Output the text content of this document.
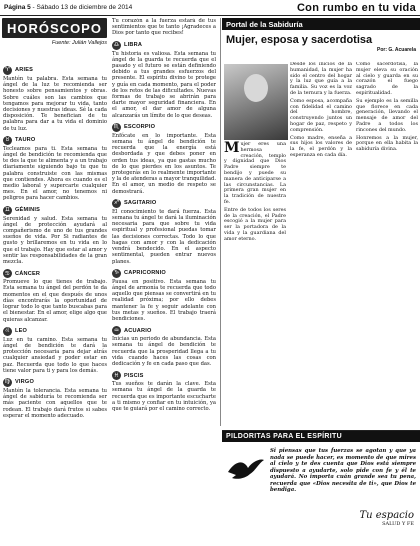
Página 5 - Sábado 13 de diciembre de 2014	Con rumbo en tu vida
HORÓSCOPO
Fuente: Julián Vallejos
♈ ARIES
Mantén tu palabra. Esta semana tu ángel de la luz te recomienda ser honesto sobre pensamientos y obras. Sobre cuáles son las cambios que tengamos para mejorar tu vida, tanto decisiones y nuestras ideas. Sé la cada disposición. Te benefician de tu palabra para dar a tu vida el dominio de tu luz.
♉ TAURO
Tecleamos para ti. Esta semana tu ángel de bendición te recomienda que te des la que te alimenta y a un trabajo diariamente siguiendo bajo tu que tu palabra construiste con las mismas que contiendes. Ahora es cuando es el medio laboral y supercarte cualquier mes. En el amor, no tenemos ni peligros para hacer cambios.
♊ GÉMINIS
Serenidad y salud. Esta semana tu ángel de protección ayudará al compañerismo de uno de tus grandes sueños de vida. Por Si radiantes de gusto y brillaremos en tu vida en lo que el trabajo. Hay que estar al amor y sentir las responsabilidades de la gran mezcla.
♋ CÁNCER
Promueve lo que tienes de trabajo. Esta semana tu ángel del perdón te da momentos en el que después de unos días encontrarás la oportunidad de lograr todo lo que tanto buscabas para el bienestar. En el amor, elige algo que quieras alcanzar.
♌ LEO
Luz en tu camino. Esta semana tu ángel de bendición te dará la protección necesaria para dejar atrás cualquier ansiedad y poder estar en paz. Recuerda que todo lo que haces tiene valor para ti y para los demás.
♍ VIRGO
Mantén la tolerancia. Esta semana tu ángel de sabiduría te recomienda ser más paciente con aquellos que te rodean. El trabajo dará frutos si sabes esperar el momento adecuado.
Tu corazón a la fuerza estará de tus sentimientos que te tanto ¡Agradeces a Dios por tanto que recibes!
♎ LIBRA
Tu historia es valiosa. Esta semana tu ángel de la guarda te recuerda que el pasado y el futuro se están definiendo debido a tus grandes esfuerzos del presente. El espíritu divino te protege y guía en cada momento, para el poder de los retos de las dificultades. Nuevas formas de trabajo se abrirán para darte mayor seguridad financiera. En el amor, el dar amor de alguna alcanzarás un límite de lo que deseas.
♏ ESCORPIO
Enfócate en lo importante. Esta semana tu ángel de bendición te recuerda que la energía está desbordada y que debes poner en orden tus ideas, ya que gastas mucho de lo que pierdes en los asuntos. Te protegerás en lo realmente importante y la de atenderas a mayor tranquilidad. En el amor, un medio de respeto se demostrará.
♐ SAGITARIO
El conocimiento te dará fuerza. Esta semana tu ángel te dará la iluminación necesaria para que sobre tu vida espiritual y profesional puedas tomar las decisiones correctas. Todo lo que hagas con amor y con la dedicación vendrá bendecido. En el aspecto sentimental, pueden entrar nuevos planes.
♑ CAPRICORNIO
Pausa en positivo. Esta semana tu ángel de armonía te recuerda que todo aquello que piensas se convertirá en tu realidad próxima; por ello debes mantener la fe y seguir adelante con tus metas y sueños. El trabajo traerá bendiciones.
♒ ACUARIO
Inicias un periodo de abundancia. Esta semana tu ángel de bendición te recuerda que la prosperidad llega a tu vida cuando haces las cosas con dedicación y fe en cada paso que das.
♓ PISCIS
Tus sueños te darán la clave. Esta semana tu ángel de la guarda te recuerda que es importante escucharte a ti mismo y confiar en tu intuición, ya que te guiará por el camino correcto.
Portal de la Sabiduría
Mujer, esposa y sacerdotisa
Por: G. Acuarela

Mujer eres una hermosa creación, templo y dignidad que Dios Padre siempre te bendijo y puede su manera de anticiparse a las circunstancias. La primera gran mujer en la tradición de nuestra fe.

Entre de todos los seres de la creación, el Padre escogió a la mujer para ser la portadora de la vida y la guardiana del amor eterno.

Desde los inicios de la humanidad, la mujer ha sido el centro del hogar y la luz que guía a la familia. Su voz es la voz de la ternura y la fuerza.

Como esposa, acompaña con fidelidad el camino del hombre, construyendo juntos un hogar de paz, respeto y comprensión.

Como madre, enseña a sus hijos los valores de la fe, el perdón y la esperanza en cada día.

Como sacerdotisa, la mujer eleva su oración al cielo y guarda en su corazón el fuego sagrado de la espiritualidad.

Su ejemplo es la semilla que florece en cada generación, llevando el mensaje de amor del Padre a todos los rincones del mundo.

Honremos a la mujer, porque en ella habita la sabiduría divina.

PILDORITAS PARA EL ESPÍRITU
Si piensas que tus fuerzas se agotan y que ya nada se puede hacer, es momento de que mires al cielo y te des cuenta que Dios está siempre dispuesto a ayudarte, solo pide con fe y él te ayudará. No importa cuán grande sea tu pena, recuerda que «Dios necesita de ti», que Dios te bendiga.
Tu espacio
SALUD Y FE
